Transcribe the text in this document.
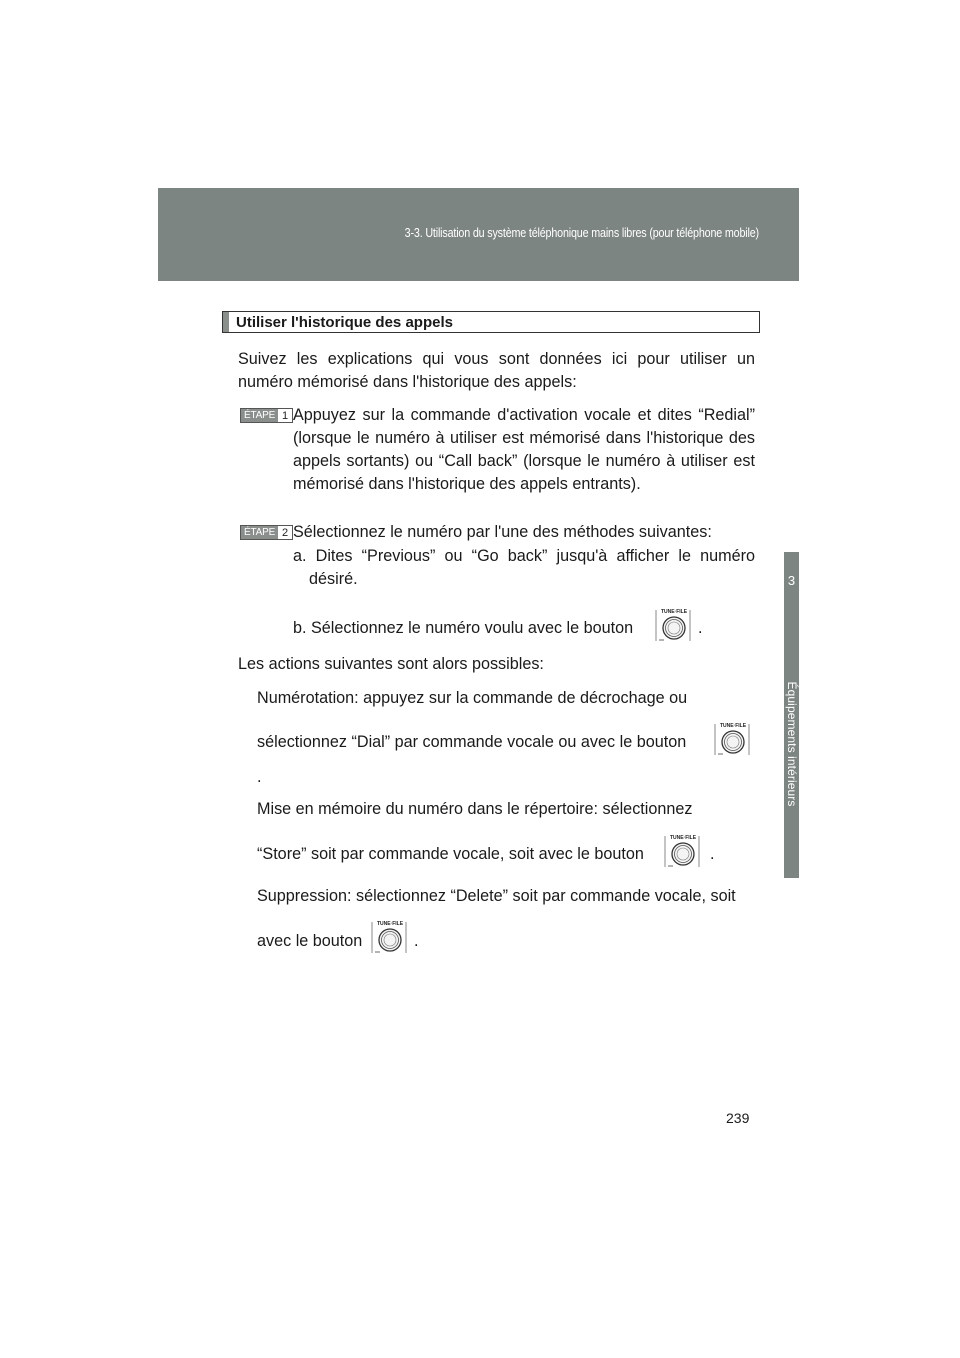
3-3. Utilisation du système téléphonique mains libres (pour téléphone mobile)
3
Équipements intérieurs
Utiliser l'historique des appels

Suivez les explications qui vous sont données ici pour utiliser un numéro mémorisé dans l'historique des appels:

ÉTAPE 1 Appuyez sur la commande d'activation vocale et dites “Redial” (lorsque le numéro à utiliser est mémorisé dans l'historique des appels sortants) ou “Call back” (lorsque le numéro à utiliser est mémorisé dans l'historique des appels entrants).

ÉTAPE 2 Sélectionnez le numéro par l'une des méthodes suivantes:

a. Dites “Previous” ou “Go back” jusqu'à afficher le numéro désiré.

b. Sélectionnez le numéro voulu avec le bouton
TUNE·FILE
.
Les actions suivantes sont alors possibles:

Numérotation: appuyez sur la commande de décrochage ou

sélectionnez “Dial” par commande vocale ou avec le bouton
TUNE·FILE
.

Mise en mémoire du numéro dans le répertoire: sélectionnez

“Store” soit par commande vocale, soit avec le bouton
TUNE·FILE
.

Suppression: sélectionnez “Delete” soit par commande vocale, soit

avec le bouton
TUNE·FILE
.
239
